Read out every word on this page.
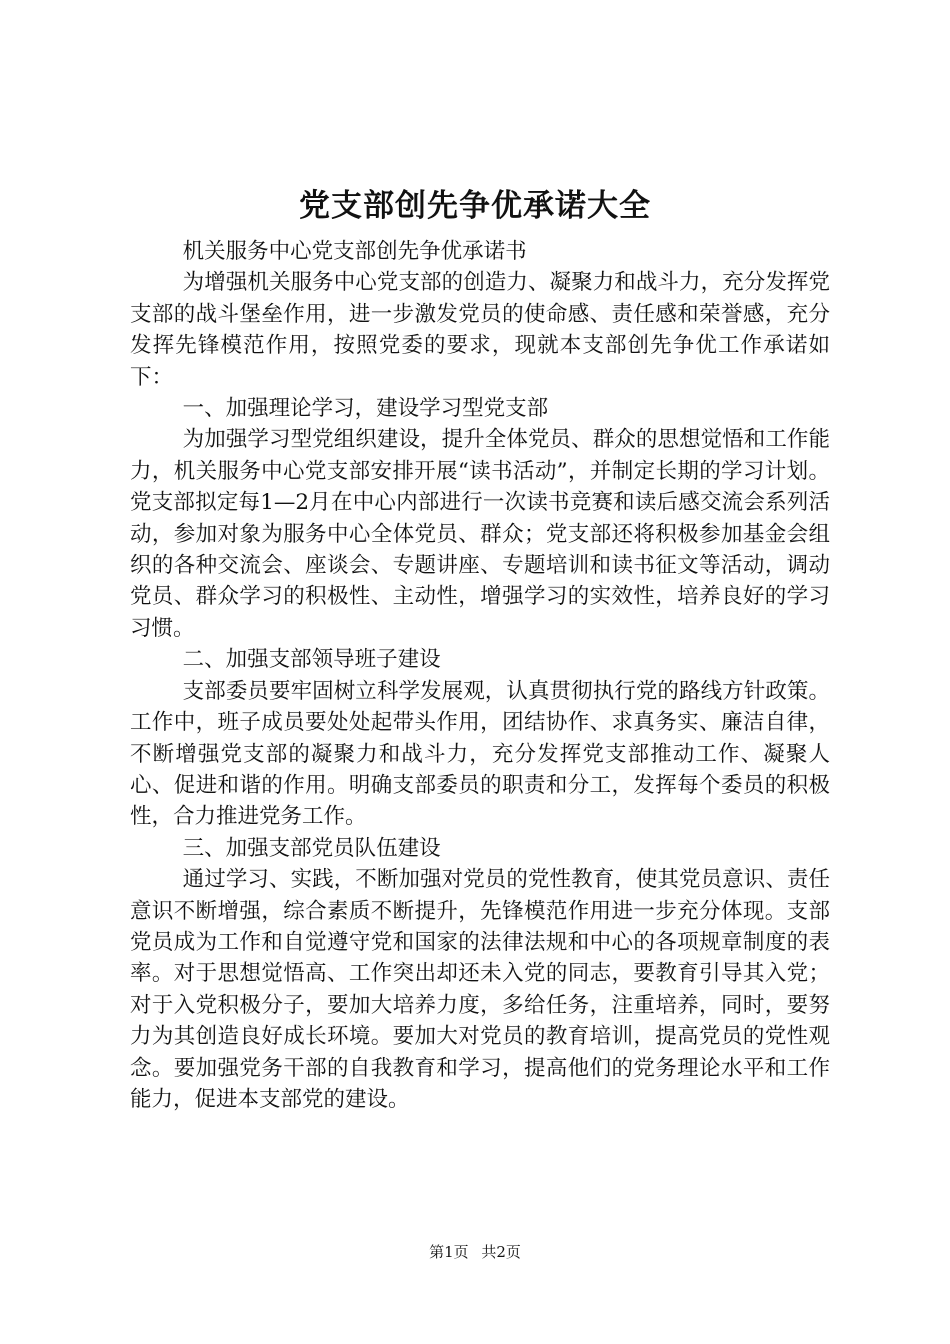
党支部创先争优承诺大全

机关服务中心党支部创先争优承诺书

为增强机关服务中心党支部的创造力、凝聚力和战斗力，充分发挥党支部的战斗堡垒作用，进一步激发党员的使命感、责任感和荣誉感，充分发挥先锋模范作用，按照党委的要求，现就本支部创先争优工作承诺如下：

一、加强理论学习，建设学习型党支部

为加强学习型党组织建设，提升全体党员、群众的思想觉悟和工作能力，机关服务中心党支部安排开展“读书活动”，并制定长期的学习计划。党支部拟定每1—2月在中心内部进行一次读书竞赛和读后感交流会系列活动，参加对象为服务中心全体党员、群众；党支部还将积极参加基金会组织的各种交流会、座谈会、专题讲座、专题培训和读书征文等活动，调动党员、群众学习的积极性、主动性，增强学习的实效性，培养良好的学习习惯。

二、加强支部领导班子建设

支部委员要牢固树立科学发展观，认真贯彻执行党的路线方针政策。工作中，班子成员要处处起带头作用，团结协作、求真务实、廉洁自律，不断增强党支部的凝聚力和战斗力，充分发挥党支部推动工作、凝聚人心、促进和谐的作用。明确支部委员的职责和分工，发挥每个委员的积极性，合力推进党务工作。

三、加强支部党员队伍建设

通过学习、实践，不断加强对党员的党性教育，使其党员意识、责任意识不断增强，综合素质不断提升，先锋模范作用进一步充分体现。支部党员成为工作和自觉遵守党和国家的法律法规和中心的各项规章制度的表率。对于思想觉悟高、工作突出却还未入党的同志，要教育引导其入党；对于入党积极分子，要加大培养力度，多给任务，注重培养，同时，要努力为其创造良好成长环境。要加大对党员的教育培训，提高党员的党性观念。要加强党务干部的自我教育和学习，提高他们的党务理论水平和工作能力，促进本支部党的建设。

第1页 共2页
